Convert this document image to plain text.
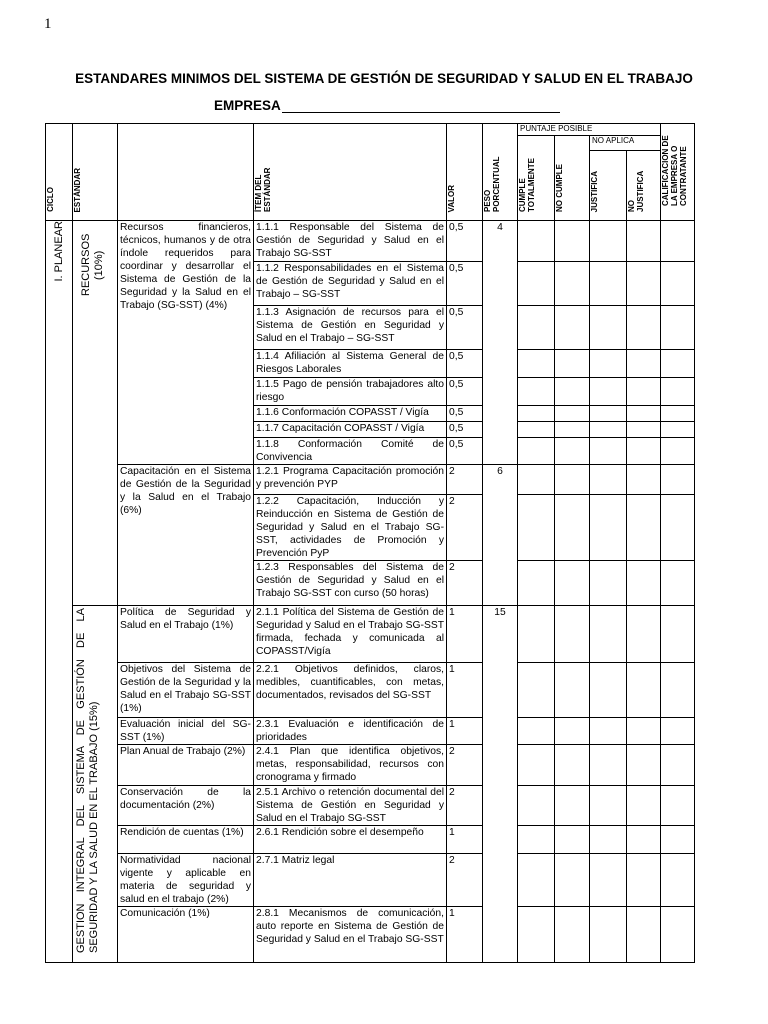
1
ESTANDARES MINIMOS DEL SISTEMA DE GESTIÓN DE SEGURIDAD Y SALUD EN EL TRABAJO
EMPRESA
CICLO	ESTÁNDAR		ÍTEM DEL ESTÁNDAR	VALOR	PESO PORCENTUAL	PUNTAJE POSIBLE				CALIFICACION DE LA EMPRESA O CONTRATANTE
						CUMPLE TOTALMENTE	NO CUMPLE	NO APLICA		
								JUSTIFICA	NO JUSTIFICA	
I. PLANEAR	RECURSOS (10%)	Recursos financieros, técnicos, humanos y de otra índole requeridos para coordinar y desarrollar el Sistema de Gestión de la Seguridad y la Salud en el Trabajo (SG-SST) (4%)	1.1.1 Responsable del Sistema de Gestión de Seguridad y Salud en el Trabajo SG-SST	0,5	4					
			1.1.2 Responsabilidades en el Sistema de Gestión de Seguridad y Salud en el Trabajo – SG-SST	0,5						
			1.1.3 Asignación de recursos para el Sistema de Gestión en Seguridad y Salud en el Trabajo – SG-SST	0,5						
			1.1.4 Afiliación al Sistema General de Riesgos Laborales	0,5						
			1.1.5 Pago de pensión trabajadores alto riesgo	0,5						
			1.1.6 Conformación COPASST / Vigía	0,5						
			1.1.7 Capacitación COPASST / Vigía	0,5						
			1.1.8 Conformación Comité de Convivencia	0,5						
		Capacitación en el Sistema de Gestión de la Seguridad y la Salud en el Trabajo (6%)	1.2.1 Programa Capacitación promoción y prevención PYP	2	6					
			1.2.2 Capacitación, Inducción y Reinducción en Sistema de Gestión de Seguridad y Salud en el Trabajo SG-SST, actividades de Promoción y Prevención PyP	2						
			1.2.3 Responsables del Sistema de Gestión de Seguridad y Salud en el Trabajo SG-SST con curso (50 horas)	2						
	GESTION INTEGRAL DEL SISTEMA DE GESTIÓN DE LA SEGURIDAD Y LA SALUD EN EL TRABAJO (15%)	Política de Seguridad y Salud en el Trabajo (1%)	2.1.1 Política del Sistema de Gestión de Seguridad y Salud en el Trabajo SG-SST firmada, fechada y comunicada al COPASST/Vigía	1	15					
		Objetivos del Sistema de Gestión de la Seguridad y la Salud en el Trabajo SG-SST (1%)	2.2.1 Objetivos definidos, claros, medibles, cuantificables, con metas, documentados, revisados del SG-SST	1						
		Evaluación inicial del SG-SST (1%)	2.3.1 Evaluación e identificación de prioridades	1						
		Plan Anual de Trabajo (2%)	2.4.1 Plan que identifica objetivos, metas, responsabilidad, recursos con cronograma y firmado	2						
		Conservación de la documentación (2%)	2.5.1 Archivo o retención documental del Sistema de Gestión en Seguridad y Salud en el Trabajo SG-SST	2						
		Rendición de cuentas (1%)	2.6.1 Rendición sobre el desempeño	1						
		Normatividad nacional vigente y aplicable en materia de seguridad y salud en el trabajo (2%)	2.7.1 Matriz legal	2						
		Comunicación (1%)	2.8.1 Mecanismos de comunicación, auto reporte en Sistema de Gestión de Seguridad y Salud en el Trabajo SG-SST	1						
